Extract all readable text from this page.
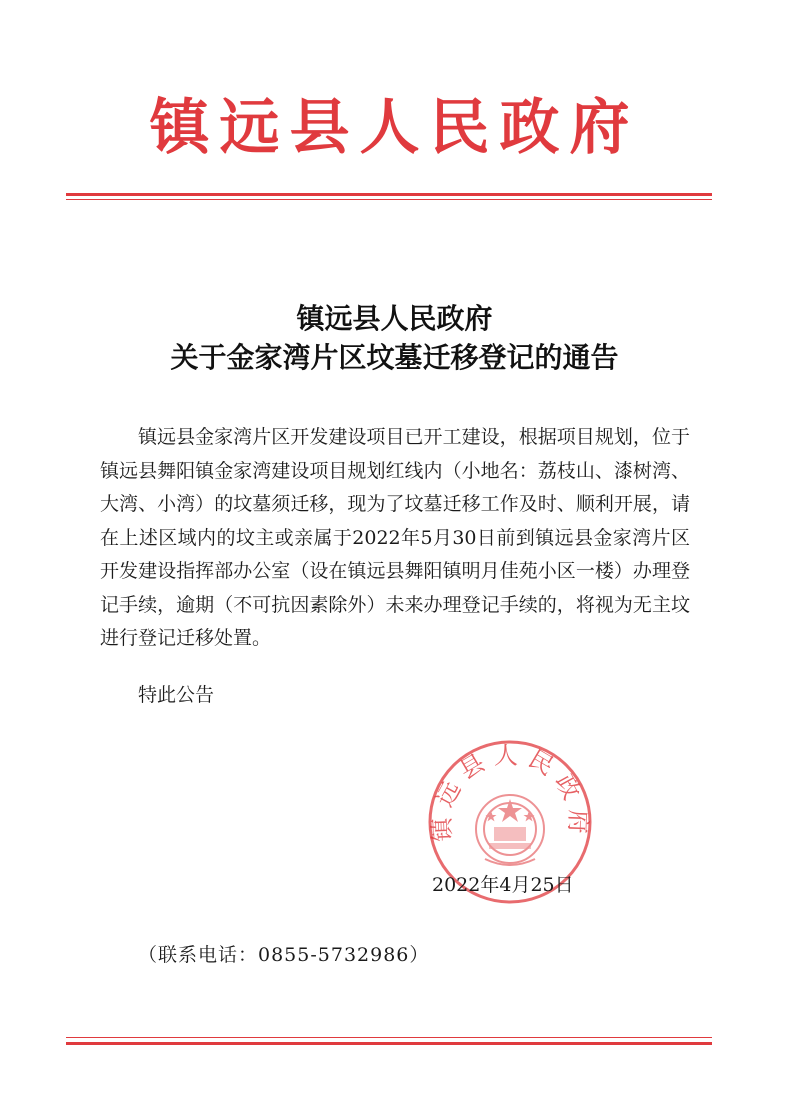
镇远县人民政府
镇远县人民政府
关于金家湾片区坟墓迁移登记的通告

镇远县金家湾片区开发建设项目已开工建设，根据项目规划，位于镇远县舞阳镇金家湾建设项目规划红线内（小地名：荔枝山、漆树湾、大湾、小湾）的坟墓须迁移，现为了坟墓迁移工作及时、顺利开展，请在上述区域内的坟主或亲属于2022年5月30日前到镇远县金家湾片区开发建设指挥部办公室（设在镇远县舞阳镇明月佳苑小区一楼）办理登记手续，逾期（不可抗因素除外）未来办理登记手续的，将视为无主坟进行登记迁移处置。

特此公告
镇远县人民政府
2022年4月25日
（联系电话：0855-5732986）
